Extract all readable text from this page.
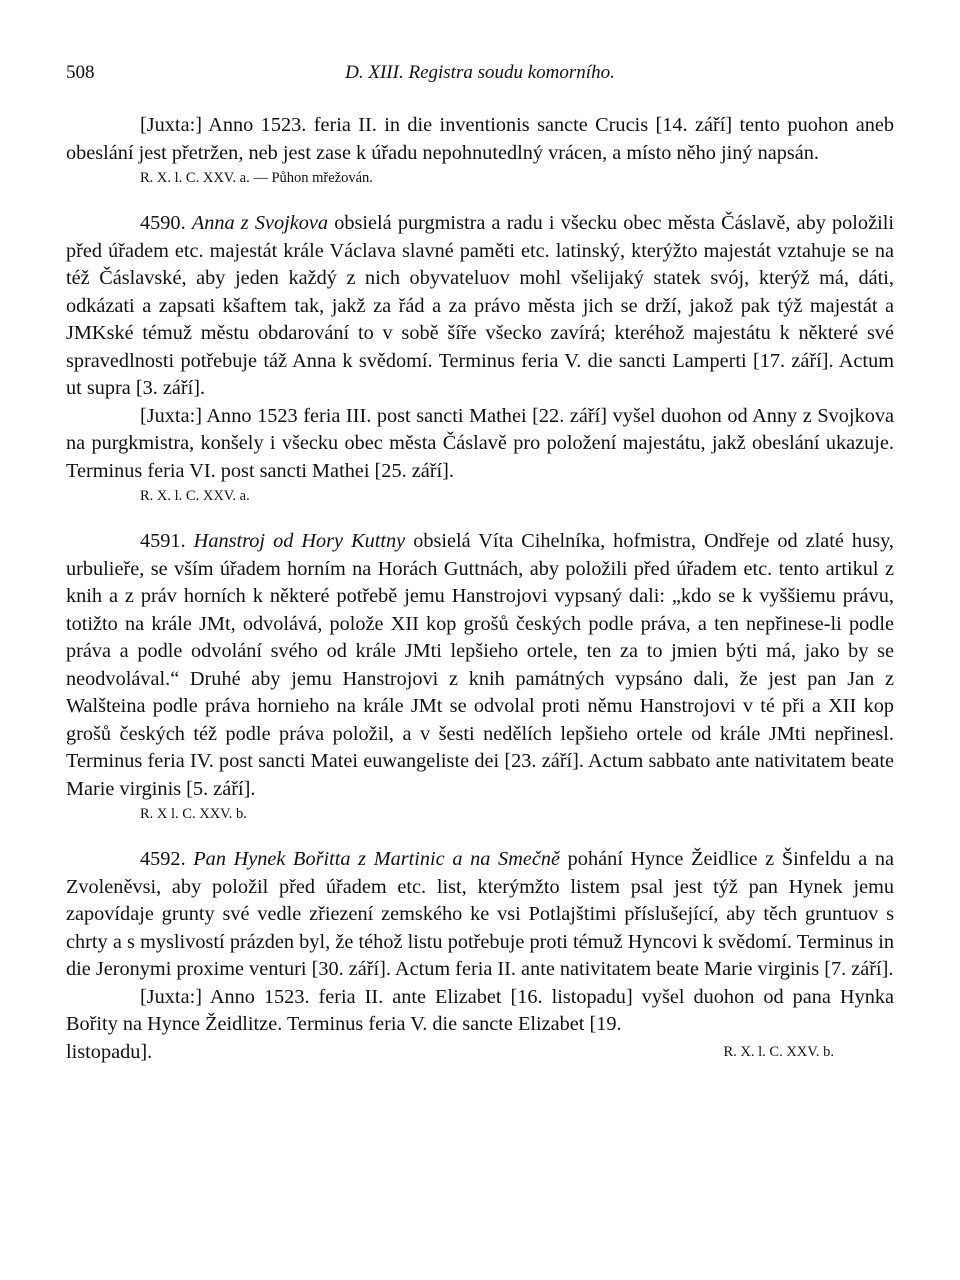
508	D. XIII. Registra soudu komorního.

[Juxta:] Anno 1523. feria II. in die inventionis sancte Crucis [14. září] tento puohon aneb obeslání jest přetržen, neb jest zase k úřadu nepohnutedlný vrácen, a místo něho jiný napsán.

R. X. l. C. XXV. a. — Půhon mřežován.

4590. Anna z Svojkova obsielá purgmistra a radu i všecku obec města Čáslavě, aby položili před úřadem etc. majestát krále Václava slavné paměti etc. latinský, kterýžto majestát vztahuje se na též Čáslavské, aby jeden každý z nich obyvateluov mohl všelijaký statek svój, kterýž má, dáti, odkázati a zapsati kšaftem tak, jakž za řád a za právo města jich se drží, jakož pak týž majestát a JMKské témuž městu obdarování to v sobě šíře všecko zavírá; kteréhož majestátu k některé své spravedlnosti potřebuje táž Anna k svědomí. Terminus feria V. die sancti Lamperti [17. září]. Actum ut supra [3. září].

[Juxta:] Anno 1523 feria III. post sancti Mathei [22. září] vyšel duohon od Anny z Svojkova na purgkmistra, konšely i všecku obec města Čáslavě pro položení majestátu, jakž obeslání ukazuje. Terminus feria VI. post sancti Mathei [25. září].

R. X. l. C. XXV. a.

4591. Hanstroj od Hory Kuttny obsielá Víta Cihelníka, hofmistra, Ondřeje od zlaté husy, urbulieře, se vším úřadem horním na Horách Guttnách, aby položili před úřadem etc. tento artikul z knih a z práv horních k některé potřebě jemu Hanstrojovi vypsaný dali: „kdo se k vyššiemu právu, totižto na krále JMt, odvolává, polože XII kop grošů českých podle práva, a ten nepřinese-li podle práva a podle odvolání svého od krále JMti lepšieho ortele, ten za to jmien býti má, jako by se neodvolával.“ Druhé aby jemu Hanstrojovi z knih památných vypsáno dali, že jest pan Jan z Walšteina podle práva hornieho na krále JMt se odvolal proti němu Hanstrojovi v té při a XII kop grošů českých též podle práva položil, a v šesti nedělích lepšieho ortele od krále JMti nepřinesl. Terminus feria IV. post sancti Matei euwangeliste dei [23. září]. Actum sabbato ante nativitatem beate Marie virginis [5. září].

R. X l. C. XXV. b.

4592. Pan Hynek Bořitta z Martinic a na Smečně pohání Hynce Žeidlice z Šinfeldu a na Zvoleněvsi, aby položil před úřadem etc. list, kterýmžto listem psal jest týž pan Hynek jemu zapovídaje grunty své vedle zřiezení zemského ke vsi Potlajštimi příslušející, aby těch gruntuov s chrty a s myslivostí prázden byl, že téhož listu potřebuje proti témuž Hyncovi k svědomí. Terminus in die Jeronymi proxime venturi [30. září]. Actum feria II. ante nativitatem beate Marie virginis [7. září].

[Juxta:] Anno 1523. feria II. ante Elizabet [16. listopadu] vyšel duohon od pana Hynka Bořity na Hynce Žeidlitze. Terminus feria V. die sancte Elizabet [19.

listopadu].	R. X. l. C. XXV. b.
